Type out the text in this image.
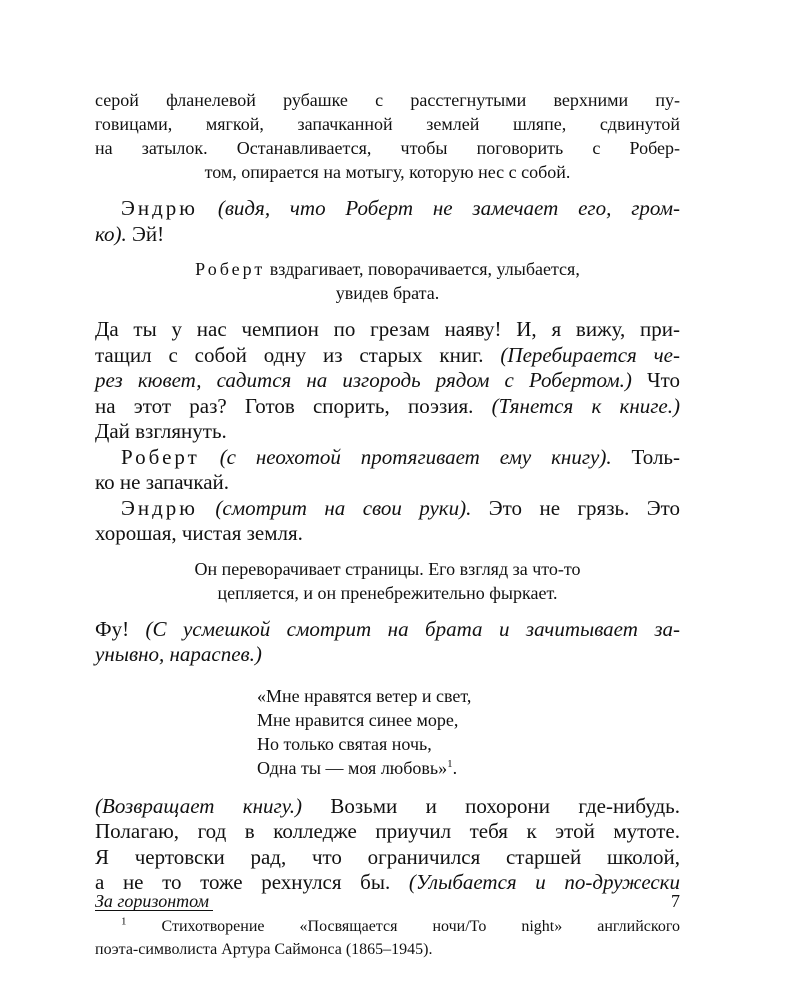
серой фланелевой рубашке с расстегнутыми верхними пу-

говицами, мягкой, запачканной землей шляпе, сдвинутой

на затылок. Останавливается, чтобы поговорить с Робер-

том, опирается на мотыгу, которую нес с собой.

Эндрю (видя, что Роберт не замечает его, гром-

ко). Эй!

Роберт вздрагивает, поворачивается, улыбается,

увидев брата.

Да ты у нас чемпион по грезам наяву! И, я вижу, при-

тащил с собой одну из старых книг. (Перебирается че-

рез кювет, садится на изгородь рядом с Робертом.) Что

на этот раз? Готов спорить, поэзия. (Тянется к книге.)

Дай взглянуть.

Роберт (с неохотой протягивает ему книгу). Толь-

ко не запачкай.

Эндрю (смотрит на свои руки). Это не грязь. Это

хорошая, чистая земля.

Он переворачивает страницы. Его взгляд за что-то

цепляется, и он пренебрежительно фыркает.

Фу! (С усмешкой смотрит на брата и зачитывает за-

унывно, нараспев.)

«Мне нравятся ветер и свет,
Мне нравится синее море,
Но только святая ночь,
Одна ты — моя любовь»$^1$.

(Возвращает книгу.) Возьми и похорони где-нибудь.

Полагаю, год в колледже приучил тебя к этой мутоте.

Я чертовски рад, что ограничился старшей школой,

а не то тоже рехнулся бы. (Улыбается и по-дружески

$^1$ Стихотворение «Посвящается ночи/To night» английского

поэта-символиста Артура Саймонса (1865–1945).

За горизонтом	7
